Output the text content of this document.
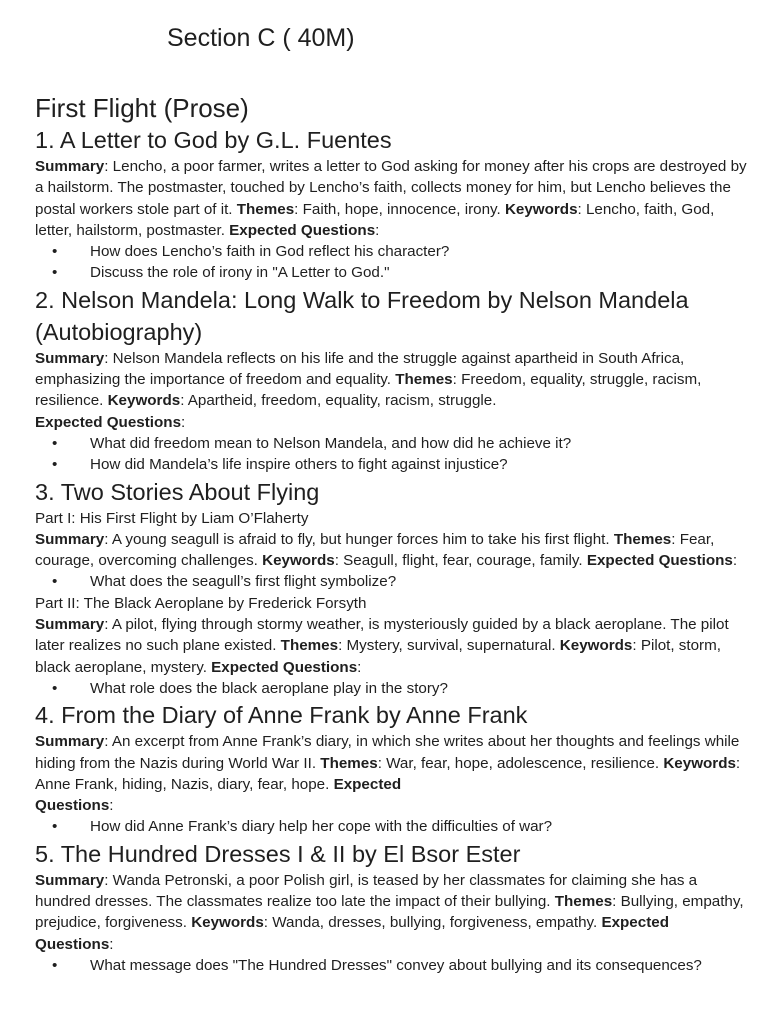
Section C ( 40M)
First Flight (Prose)
1. A Letter to God by G.L. Fuentes

Summary: Lencho, a poor farmer, writes a letter to God asking for money after his crops are destroyed by a hailstorm. The postmaster, touched by Lencho’s faith, collects money for him, but Lencho believes the postal workers stole part of it. Themes: Faith, hope, innocence, irony. Keywords: Lencho, faith, God, letter, hailstorm, postmaster. Expected Questions:

• How does Lencho’s faith in God reflect his character?
• Discuss the role of irony in "A Letter to God."
2. Nelson Mandela: Long Walk to Freedom by Nelson Mandela (Autobiography)

Summary: Nelson Mandela reflects on his life and the struggle against apartheid in South Africa, emphasizing the importance of freedom and equality. Themes: Freedom, equality, struggle, racism, resilience. Keywords: Apartheid, freedom, equality, racism, struggle.

Expected Questions:

• What did freedom mean to Nelson Mandela, and how did he achieve it?
• How did Mandela’s life inspire others to fight against injustice?
3. Two Stories About Flying

Part I: His First Flight by Liam O’Flaherty

Summary: A young seagull is afraid to fly, but hunger forces him to take his first flight. Themes: Fear, courage, overcoming challenges. Keywords: Seagull, flight, fear, courage, family. Expected Questions:

• What does the seagull’s first flight symbolize?

Part II: The Black Aeroplane by Frederick Forsyth

Summary: A pilot, flying through stormy weather, is mysteriously guided by a black aeroplane. The pilot later realizes no such plane existed. Themes: Mystery, survival, supernatural. Keywords: Pilot, storm, black aeroplane, mystery. Expected Questions:

• What role does the black aeroplane play in the story?
4. From the Diary of Anne Frank by Anne Frank

Summary: An excerpt from Anne Frank’s diary, in which she writes about her thoughts and feelings while hiding from the Nazis during World War II. Themes: War, fear, hope, adolescence, resilience. Keywords: Anne Frank, hiding, Nazis, diary, fear, hope. Expected
Questions:

• How did Anne Frank’s diary help her cope with the difficulties of war?
5. The Hundred Dresses I & II by El Bsor Ester

Summary: Wanda Petronski, a poor Polish girl, is teased by her classmates for claiming she has a hundred dresses. The classmates realize too late the impact of their bullying. Themes: Bullying, empathy, prejudice, forgiveness. Keywords: Wanda, dresses, bullying, forgiveness, empathy. Expected Questions:

• What message does "The Hundred Dresses" convey about bullying and its consequences?
